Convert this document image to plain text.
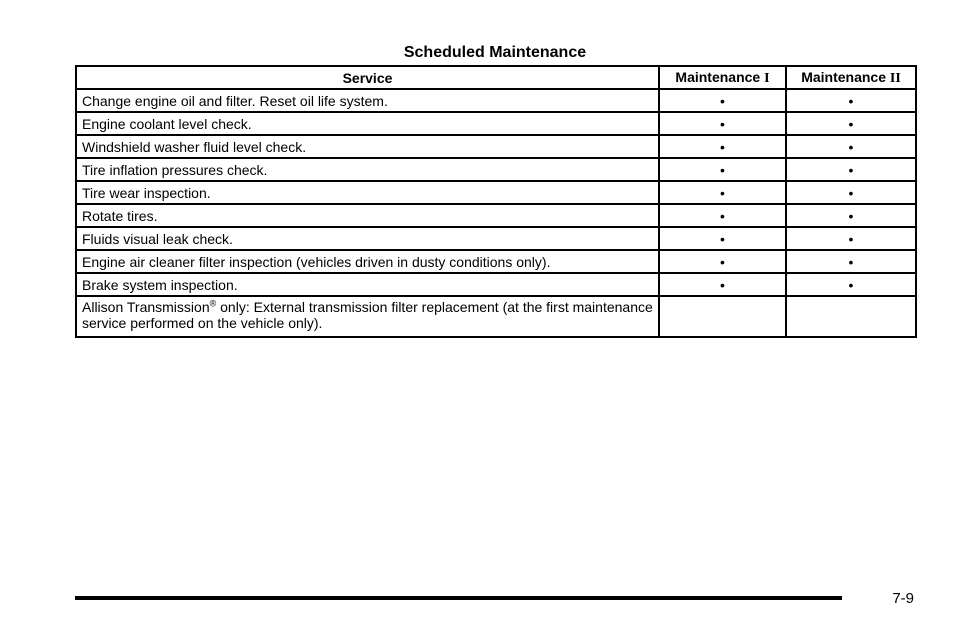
Scheduled Maintenance
Service	Maintenance I	Maintenance II
Change engine oil and filter. Reset oil life system.	•	•
Engine coolant level check.	•	•
Windshield washer fluid level check.	•	•
Tire inflation pressures check.	•	•
Tire wear inspection.	•	•
Rotate tires.	•	•
Fluids visual leak check.	•	•
Engine air cleaner filter inspection (vehicles driven in dusty conditions only).	•	•
Brake system inspection.	•	•
Allison Transmission® only: External transmission filter replacement (at the first maintenance service performed on the vehicle only).		
7-9
